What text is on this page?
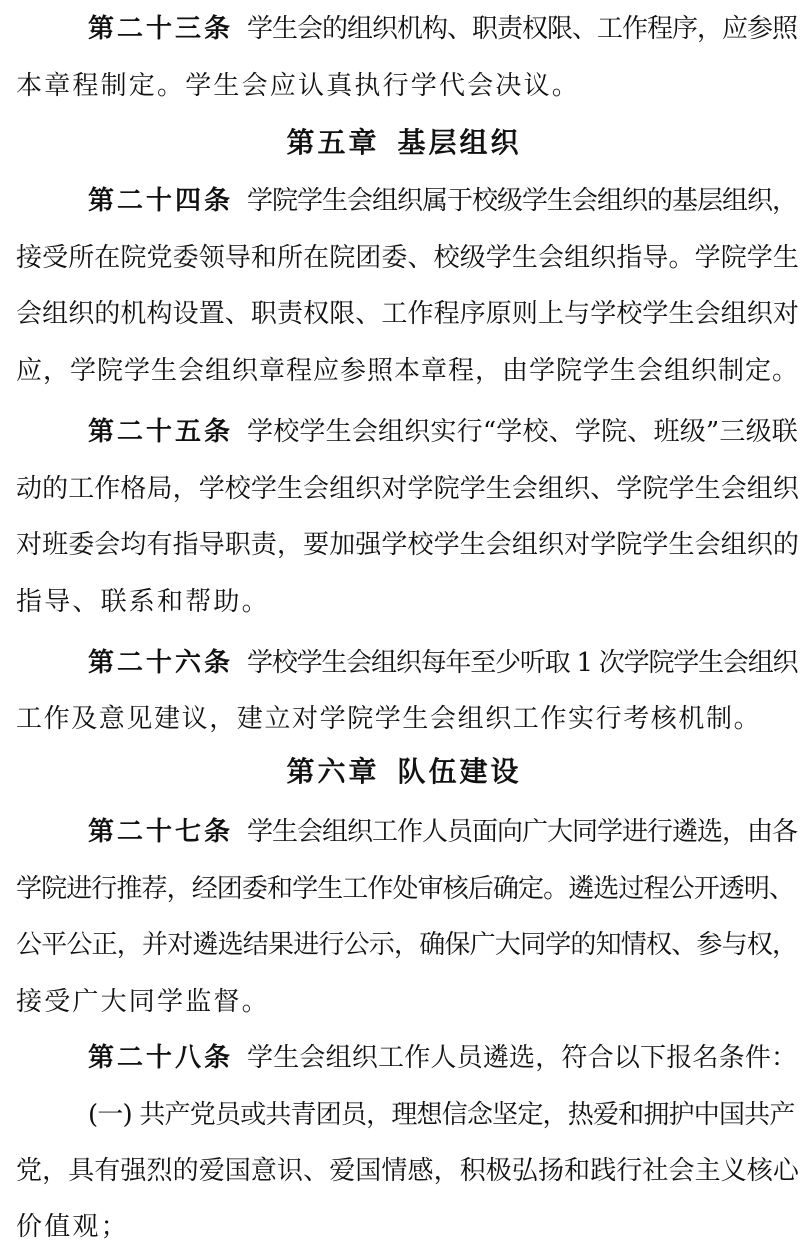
第二十三条 学生会的组织机构、职责权限、工作程序，应参照
本章程制定。学生会应认真执行学代会决议。
第五章 基层组织
第二十四条 学院学生会组织属于校级学生会组织的基层组织，
接受所在院党委领导和所在院团委、校级学生会组织指导。学院学生
会组织的机构设置、职责权限、工作程序原则上与学校学生会组织对
应，学院学生会组织章程应参照本章程，由学院学生会组织制定。
第二十五条 学校学生会组织实行“学校、学院、班级”三级联
动的工作格局，学校学生会组织对学院学生会组织、学院学生会组织
对班委会均有指导职责，要加强学校学生会组织对学院学生会组织的
指导、联系和帮助。
第二十六条 学校学生会组织每年至少听取 1 次学院学生会组织
工作及意见建议，建立对学院学生会组织工作实行考核机制。
第六章 队伍建设
第二十七条 学生会组织工作人员面向广大同学进行遴选，由各
学院进行推荐，经团委和学生工作处审核后确定。遴选过程公开透明、
公平公正，并对遴选结果进行公示，确保广大同学的知情权、参与权，
接受广大同学监督。
第二十八条 学生会组织工作人员遴选，符合以下报名条件：
(一) 共产党员或共青团员，理想信念坚定，热爱和拥护中国共产
党，具有强烈的爱国意识、爱国情感，积极弘扬和践行社会主义核心
价值观；
